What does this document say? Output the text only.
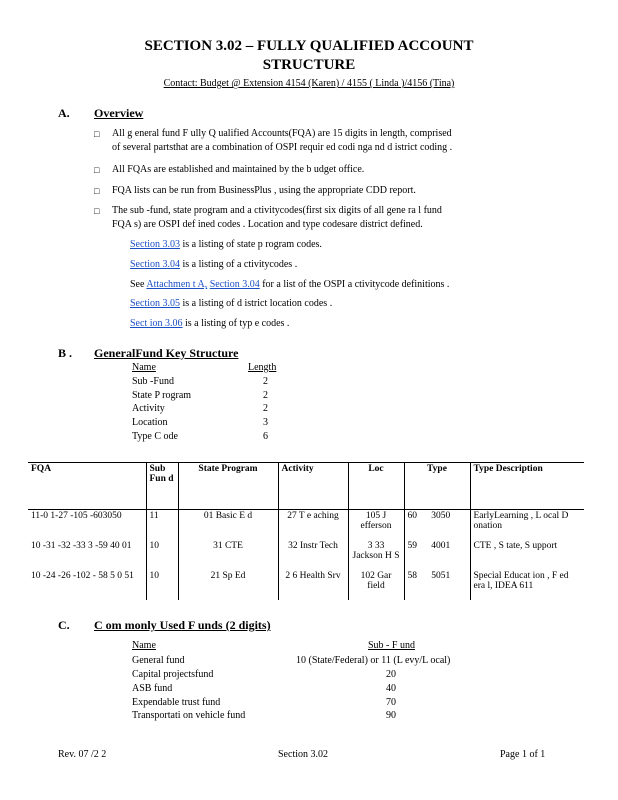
SECTION 3.02 – FULLY QUALIFIED ACCOUNT
STRUCTURE
Contact: Budget @ Extension 4154 (Karen) / 4155 ( Linda )/4156 (Tina)
A. Overview
□ All g eneral fund F ully Q ualified Accounts(FQA) are 15 digits in length, comprised
of several partsthat are a combination of OSPI requir ed codi nga nd d istrict coding .
□ All FQAs are established and maintained by the b udget office.
□ FQA lists can be run from BusinessPlus , using the appropriate CDD report.
□ The sub -fund, state program and a ctivitycodes(first six digits of all gene ra l fund
FQA s) are OSPI def ined codes . Location and type codesare district defined.
Section 3.03 is a listing of state p rogram codes.
Section 3.04 is a listing of a ctivitycodes .
See Attachmen t A, Section 3.04 for a list of the OSPI a ctivitycode definitions .
Section 3.05 is a listing of d istrict location codes .
Sect ion 3.06 is a listing of typ e codes .
B . GeneralFund Key Structure
Name	Length
Sub -Fund	2
State P rogram	2
Activity	2
Location	3
Type C ode	6
FQA	Sub Fun d	State Program	Activity	Loc	Type	Type Description
11-0 1-27 -105 -603050	11	01 Basic E d	27 T e aching	105 J efferson	60 3050	EarlyLearning , L ocal D onation
10 -31 -32 -33 3 -59 40 01	10	31 CTE	32 Instr Tech	3 33 Jackson H S	59 4001	CTE , S tate, S upport
10 -24 -26 -102 - 58 5 0 51	10	21 Sp Ed	2 6 Health Srv	102 Gar field	58 5051	Special Educat ion , F ed era l, IDEA 611
C. C om monly Used F unds (2 digits)
Name	Sub - F und
General fund	10 (State/Federal) or 11 (L evy/L ocal)
Capital projectsfund	20
ASB fund	40
Expendable trust fund	70
Transportati on vehicle fund	90
Rev. 07 /2 2	Section 3.02	Page 1 of 1
